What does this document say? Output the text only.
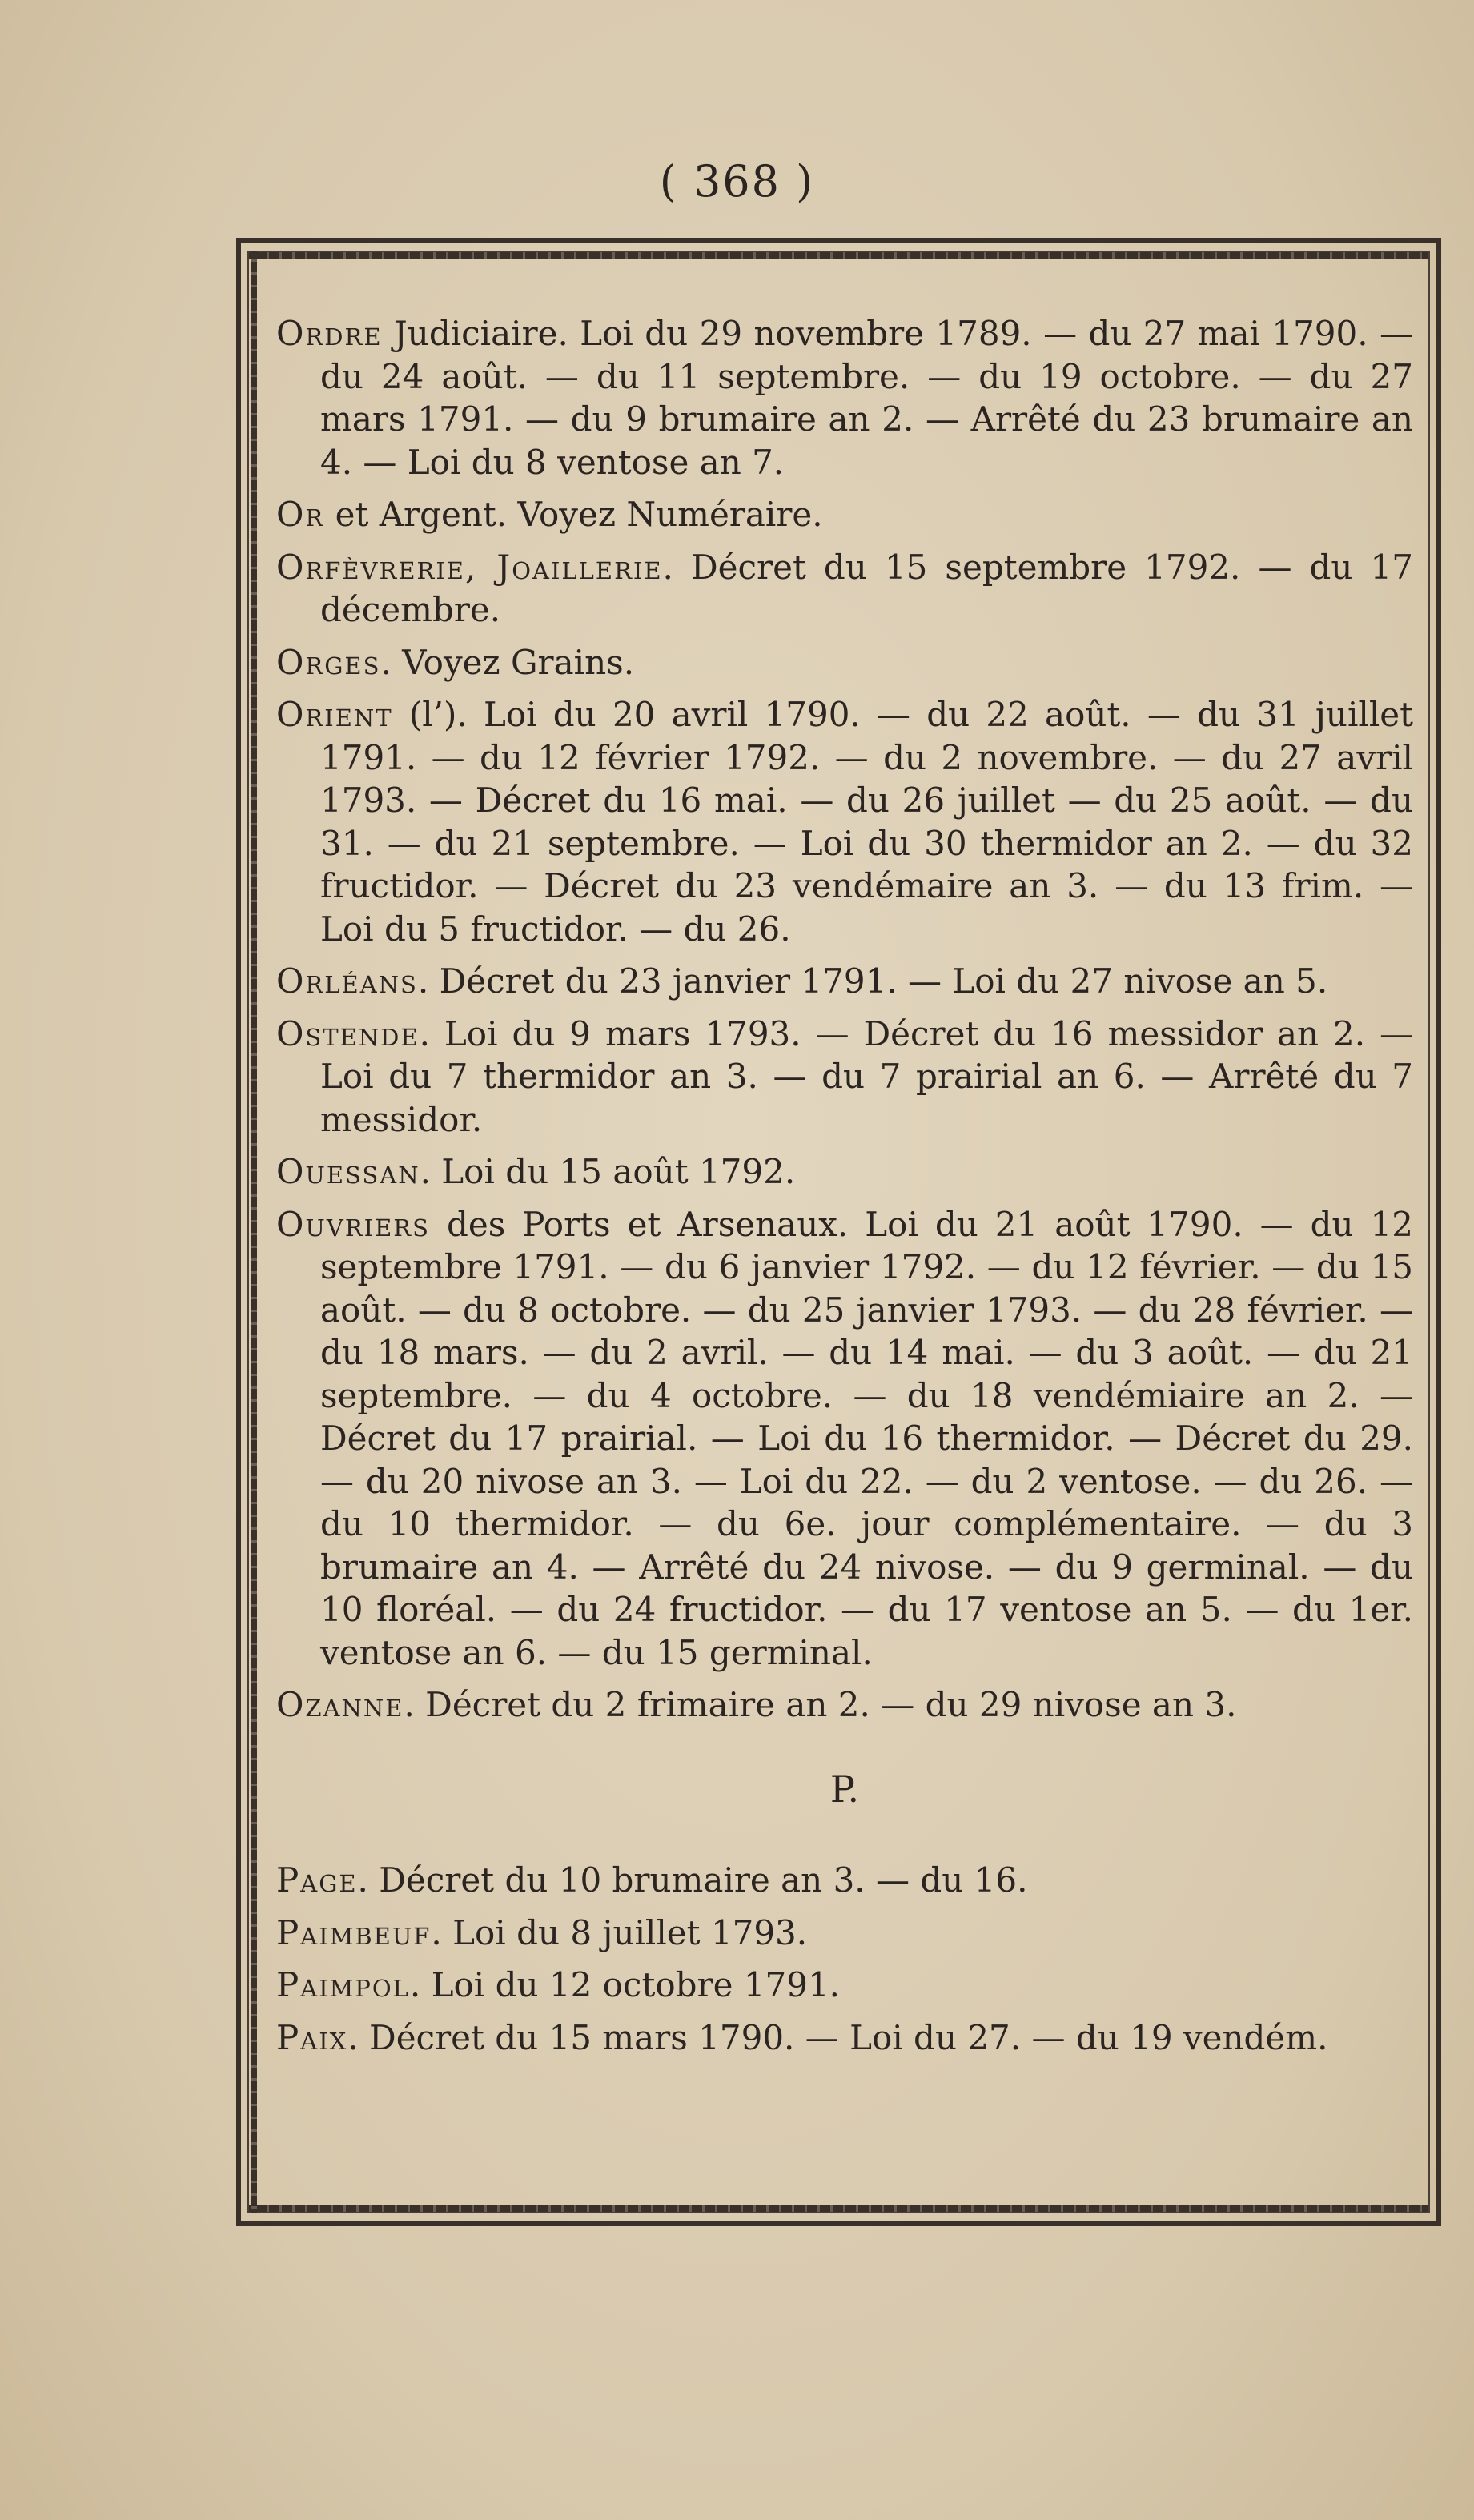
( 368 )

Ordre Judiciaire. Loi du 29 novembre 1789. — du 27 mai 1790. — du 24 août. — du 11 septembre. — du 19 octobre. — du 27 mars 1791. — du 9 brumaire an 2. — Arrêté du 23 brumaire an 4. — Loi du 8 ventose an 7.

Or et Argent. Voyez Numéraire.

Orfèvrerie, Joaillerie. Décret du 15 septembre 1792. — du 17 décembre.

Orges. Voyez Grains.

Orient (l’). Loi du 20 avril 1790. — du 22 août. — du 31 juillet 1791. — du 12 février 1792. — du 2 novembre. — du 27 avril 1793. — Décret du 16 mai. — du 26 juillet — du 25 août. — du 31. — du 21 septembre. — Loi du 30 thermidor an 2. — du 32 fructidor. — Décret du 23 vendémaire an 3. — du 13 frim. — Loi du 5 fructidor. — du 26.

Orléans. Décret du 23 janvier 1791. — Loi du 27 nivose an 5.

Ostende. Loi du 9 mars 1793. — Décret du 16 messidor an 2. — Loi du 7 thermidor an 3. — du 7 prairial an 6. — Arrêté du 7 messidor.

Ouessan. Loi du 15 août 1792.

Ouvriers des Ports et Arsenaux. Loi du 21 août 1790. — du 12 septembre 1791. — du 6 janvier 1792. — du 12 février. — du 15 août. — du 8 octobre. — du 25 janvier 1793. — du 28 février. — du 18 mars. — du 2 avril. — du 14 mai. — du 3 août. — du 21 septembre. — du 4 octobre. — du 18 vendémiaire an 2. — Décret du 17 prairial. — Loi du 16 thermidor. — Décret du 29. — du 20 nivose an 3. — Loi du 22. — du 2 ventose. — du 26. — du 10 thermidor. — du 6e. jour complémentaire. — du 3 brumaire an 4. — Arrêté du 24 nivose. — du 9 germinal. — du 10 floréal. — du 24 fructidor. — du 17 ventose an 5. — du 1er. ventose an 6. — du 15 germinal.

Ozanne. Décret du 2 frimaire an 2. — du 29 nivose an 3.

P.

Page. Décret du 10 brumaire an 3. — du 16.

Paimbeuf. Loi du 8 juillet 1793.

Paimpol. Loi du 12 octobre 1791.

Paix. Décret du 15 mars 1790. — Loi du 27. — du 19 vendém.
